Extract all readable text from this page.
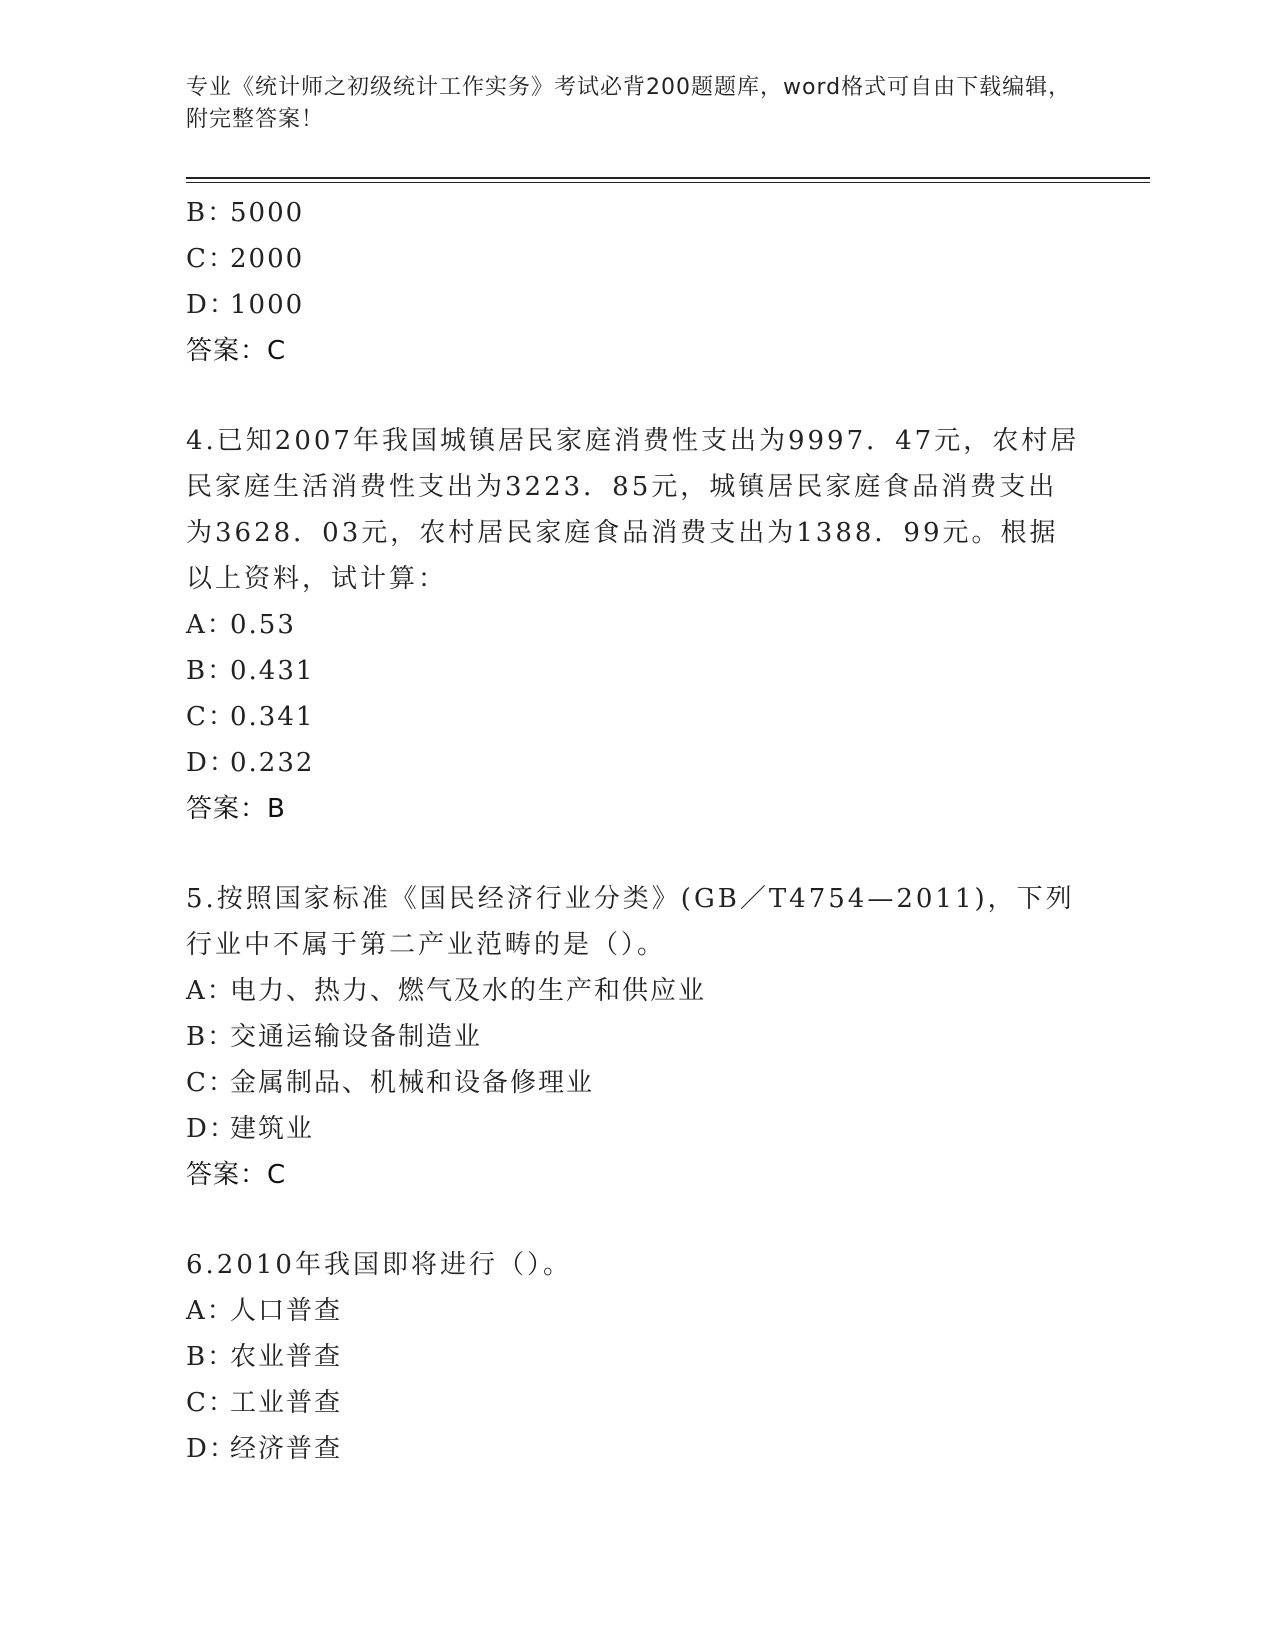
专业《统计师之初级统计工作实务》考试必背200题题库，word格式可自由下载编辑，附完整答案！
B：5000
C：2000
D：1000
答案：C
4.已知2007年我国城镇居民家庭消费性支出为9997．47元，农村居民家庭生活消费性支出为3223．85元，城镇居民家庭食品消费支出为3628．03元，农村居民家庭食品消费支出为1388．99元。根据以上资料，试计算：
A：0.53
B：0.431
C：0.341
D：0.232
答案：B
5.按照国家标准《国民经济行业分类》(GB／T4754—2011)，下列行业中不属于第二产业范畴的是（）。
A：电力、热力、燃气及水的生产和供应业
B：交通运输设备制造业
C：金属制品、机械和设备修理业
D：建筑业
答案：C
6.2010年我国即将进行（）。
A：人口普查
B：农业普查
C：工业普查
D：经济普查
